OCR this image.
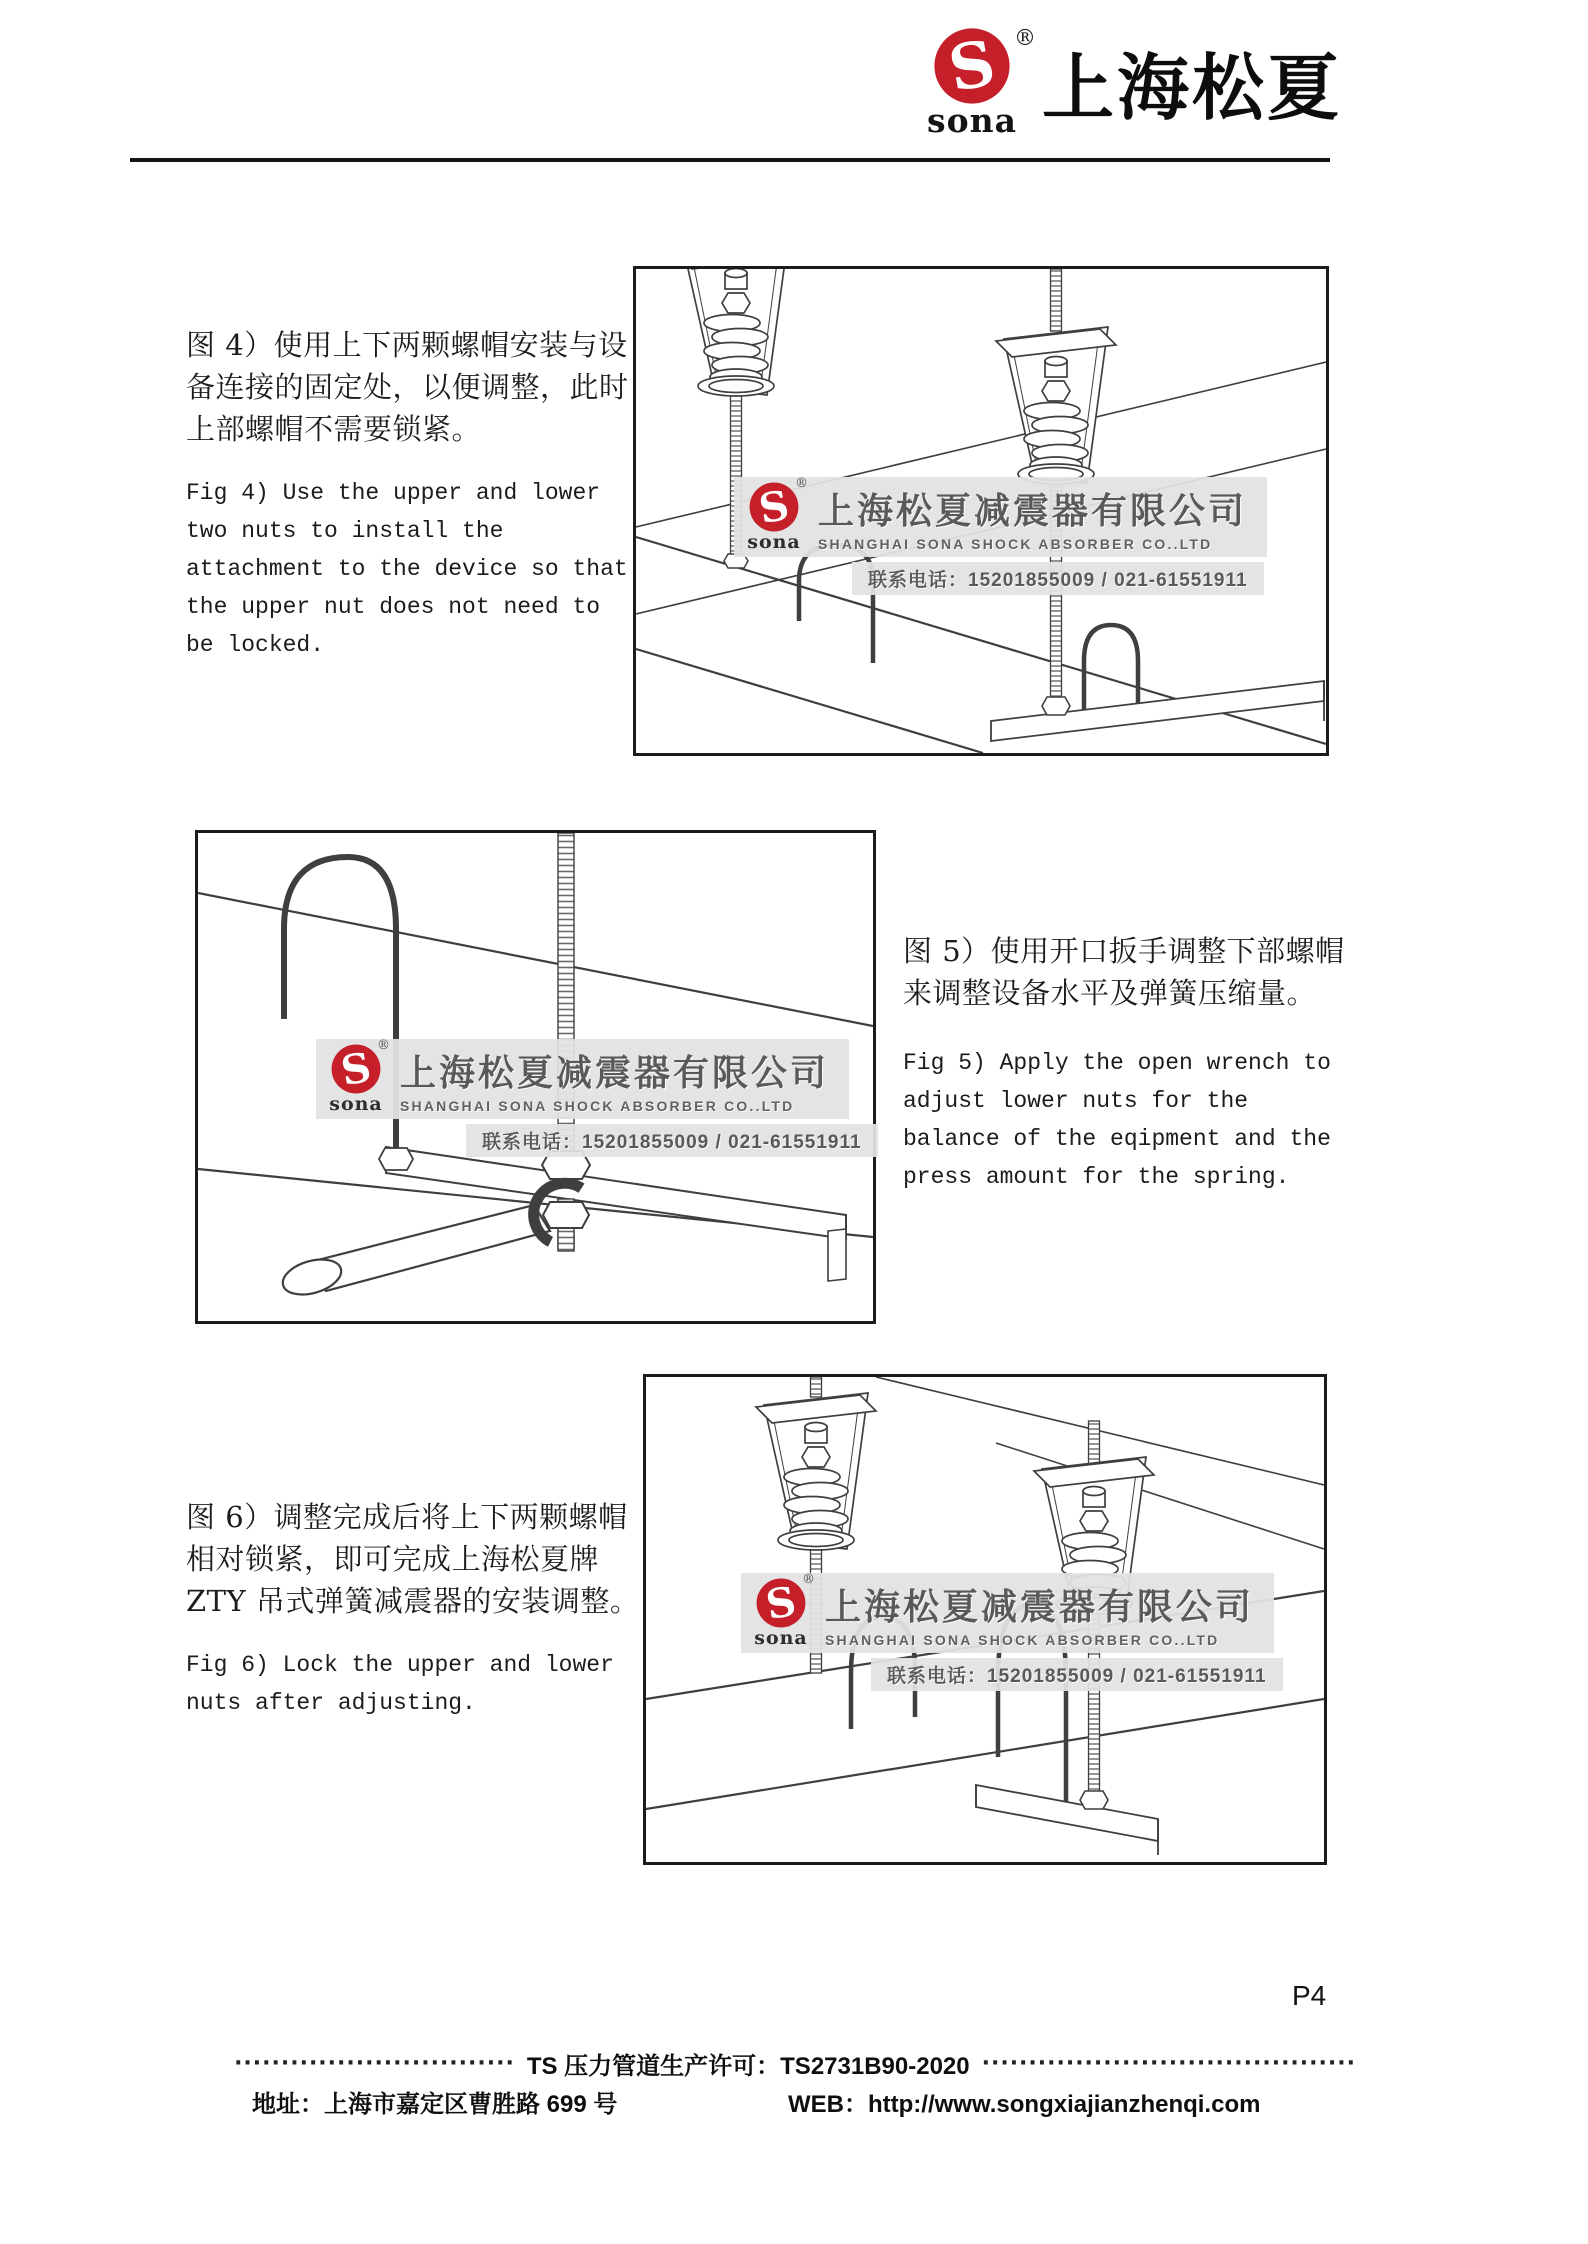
S ®
sona 上海松夏
图 4）使用上下两颗螺帽安装与设
备连接的固定处，以便调整，此时
上部螺帽不需要锁紧。
Fig 4) Use the upper and lower
two nuts to install the
attachment to the device so that
the upper nut does not need to
be locked.
S ®
sona
上海松夏减震器有限公司
SHANGHAI SONA SHOCK ABSORBER CO..LTD
联系电话：15201855009 / 021-61551911
S ®
sona
上海松夏减震器有限公司
SHANGHAI SONA SHOCK ABSORBER CO..LTD
联系电话：15201855009 / 021-61551911
图 5）使用开口扳手调整下部螺帽
来调整设备水平及弹簧压缩量。
Fig 5) Apply the open wrench to
adjust lower nuts for the
balance of the eqipment and the
press amount for the spring.
图 6）调整完成后将上下两颗螺帽
相对锁紧，即可完成上海松夏牌
ZTY 吊式弹簧减震器的安装调整。
Fig 6) Lock the upper and lower
nuts after adjusting.
S ®
sona
上海松夏减震器有限公司
SHANGHAI SONA SHOCK ABSORBER CO..LTD
联系电话：15201855009 / 021-61551911
P4
······························ TS 压力管道生产许可：TS2731B90-2020 ········································
地址：上海市嘉定区曹胜路 699 号	WEB：http://www.songxiajianzhenqi.com
